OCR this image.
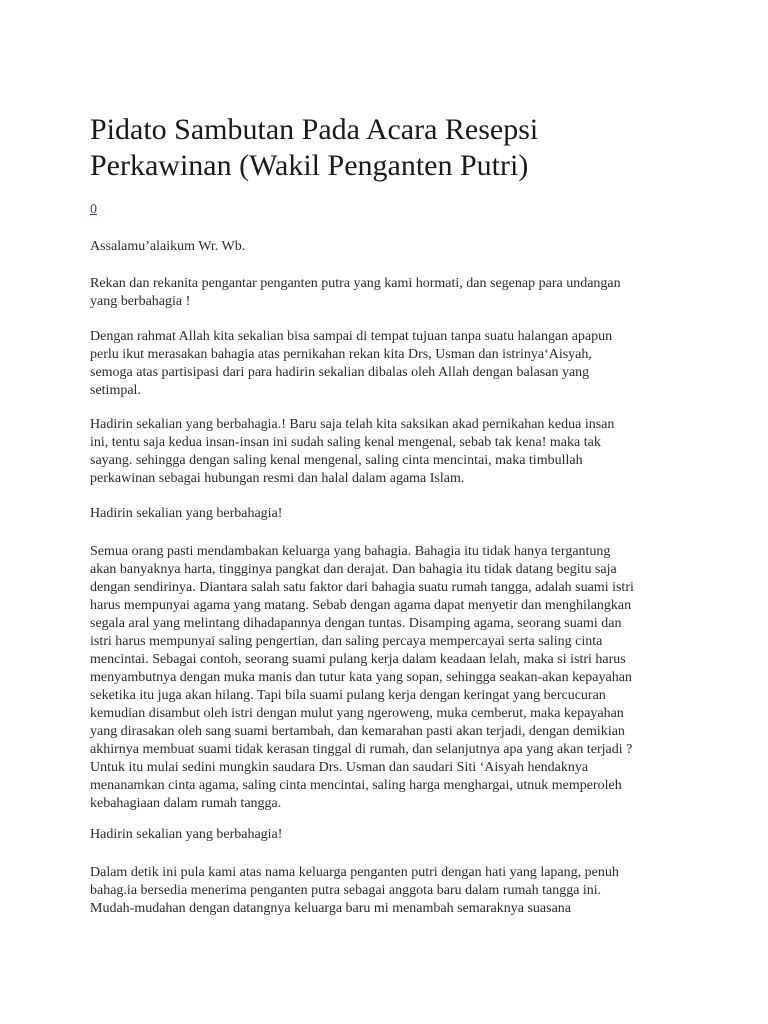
Pidato Sambutan Pada Acara Resepsi
Perkawinan (Wakil Penganten Putri)
0

Assalamu’alaikum Wr. Wb.

Rekan dan rekanita pengantar penganten putra yang kami hormati, dan segenap para undangan
yang berbahagia !

Dengan rahmat Allah kita sekalian bisa sampai di tempat tujuan tanpa suatu halangan apapun
perlu ikut merasakan bahagia atas pernikahan rekan kita Drs, Usman dan istrinya‘Aisyah,
semoga atas partisipasi dari para hadirin sekalian dibalas oleh Allah dengan balasan yang
setimpal.

Hadirin sekalian yang berbahagia.! Baru saja telah kita saksikan akad pernikahan kedua insan
ini, tentu saja kedua insan-insan ini sudah saling kenal mengenal, sebab tak kena! maka tak
sayang. sehingga dengan saling kenal mengenal, saling cinta mencintai, maka timbullah
perkawinan sebagai hubungan resmi dan halal dalam agama Islam.

Hadirin sekalian yang berbahagia!

Semua orang pasti mendambakan keluarga yang bahagia. Bahagia itu tidak hanya tergantung
akan banyaknya harta, tingginya pangkat dan derajat. Dan bahagia itu tidak datang begitu saja
dengan sendirinya. Diantara salah satu faktor dari bahagia suatu rumah tangga, adalah suami istri
harus mempunyai agama yang matang. Sebab dengan agama dapat menyetir dan menghilangkan
segala aral yang melintang dihadapannya dengan tuntas. Disamping agama, seorang suami dan
istri harus mempunyai saling pengertian, dan saling percaya mempercayai serta saling cinta
mencintai. Sebagai contoh, seorang suami pulang kerja dalam keadaan lelah, maka si istri harus
menyambutnya dengan muka manis dan tutur kata yang sopan, sehingga seakan-akan kepayahan
seketika itu juga akan hilang. Tapi bila suami pulang kerja dengan keringat yang bercucuran
kemudian disambut oleh istri dengan mulut yang ngeroweng, muka cemberut, maka kepayahan
yang dirasakan oleh sang suami bertambah, dan kemarahan pasti akan terjadi, dengan demikian
akhirnya membuat suami tidak kerasan tinggal di rumah, dan selanjutnya apa yang akan terjadi ?
Untuk itu mulai sedini mungkin saudara Drs. Usman dan saudari Siti ‘Aisyah hendaknya
menanamkan cinta agama, saling cinta mencintai, saling harga menghargai, utnuk memperoleh
kebahagiaan dalam rumah tangga.

Hadirin sekalian yang berbahagia!

Dalam detik ini pula kami atas nama keluarga penganten putri dengan hati yang lapang, penuh
bahag.ia bersedia menerima penganten putra sebagai anggota baru dalam rumah tangga ini.
Mudah-mudahan dengan datangnya keluarga baru mi menambah semaraknya suasana
